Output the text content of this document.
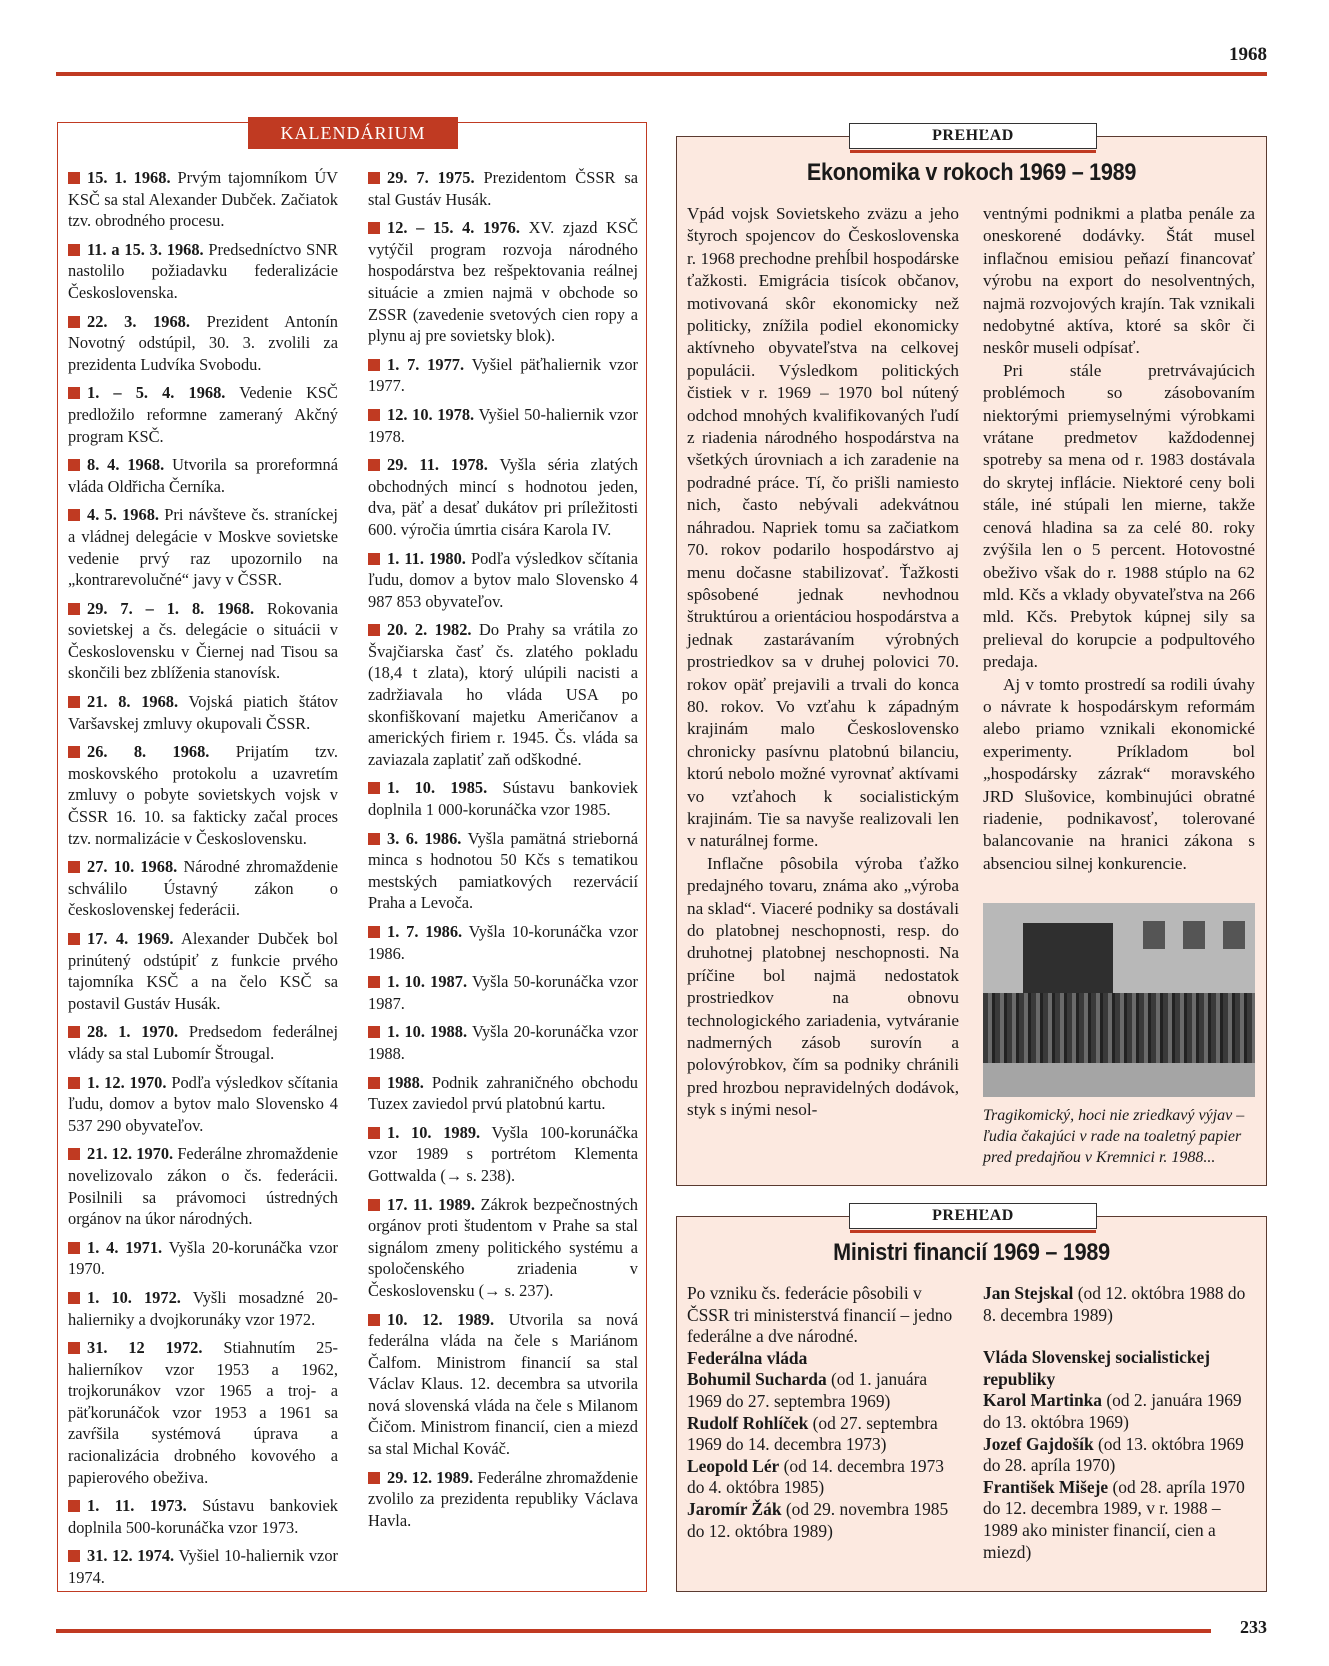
1968
KALENDÁRIUM
15. 1. 1968. Prvým tajomníkom ÚV KSČ sa stal Alexander Dubček. Začiatok tzv. obrodného procesu.
11. a 15. 3. 1968. Predsedníctvo SNR nastolilo požiadavku federalizácie Československa.
22. 3. 1968. Prezident Antonín Novotný odstúpil, 30. 3. zvolili za prezidenta Ludvíka Svobodu.
1. – 5. 4. 1968. Vedenie KSČ predložilo reformne zameraný Akčný program KSČ.
8. 4. 1968. Utvorila sa proreformná vláda Oldřicha Černíka.
4. 5. 1968. Pri návšteve čs. straníckej a vládnej delegácie v Moskve sovietske vedenie prvý raz upozornilo na „kontrarevolučné“ javy v ČSSR.
29. 7. – 1. 8. 1968. Rokovania sovietskej a čs. delegácie o situácii v Československu v Čiernej nad Tisou sa skončili bez zblíženia stanovísk.
21. 8. 1968. Vojská piatich štátov Varšavskej zmluvy okupovali ČSSR.
26. 8. 1968. Prijatím tzv. moskovského protokolu a uzavretím zmluvy o pobyte sovietskych vojsk v ČSSR 16. 10. sa fakticky začal proces tzv. normalizácie v Československu.
27. 10. 1968. Národné zhromaždenie schválilo Ústavný zákon o československej federácii.
17. 4. 1969. Alexander Dubček bol prinútený odstúpiť z funkcie prvého tajomníka KSČ a na čelo KSČ sa postavil Gustáv Husák.
28. 1. 1970. Predsedom federálnej vlády sa stal Lubomír Štrougal.
1. 12. 1970. Podľa výsledkov sčítania ľudu, domov a bytov malo Slovensko 4 537 290 obyvateľov.
21. 12. 1970. Federálne zhromaždenie novelizovalo zákon o čs. federácii. Posilnili sa právomoci ústredných orgánov na úkor národných.
1. 4. 1971. Vyšla 20-korunáčka vzor 1970.
1. 10. 1972. Vyšli mosadzné 20-halierniky a dvojkorunáky vzor 1972.
31. 12 1972. Stiahnutím 25-halierníkov vzor 1953 a 1962, trojkorunákov vzor 1965 a troj- a päťkorunáčok vzor 1953 a 1961 sa zavŕšila systémová úprava a racionalizácia drobného kovového a papierového obeživa.
1. 11. 1973. Sústavu bankoviek doplnila 500-korunáčka vzor 1973.
31. 12. 1974. Vyšiel 10-haliernik vzor 1974.
29. 7. 1975. Prezidentom ČSSR sa stal Gustáv Husák.
12. – 15. 4. 1976. XV. zjazd KSČ vytýčil program rozvoja národného hospodárstva bez rešpektovania reálnej situácie a zmien najmä v obchode so ZSSR (zavedenie svetových cien ropy a plynu aj pre sovietsky blok).
1. 7. 1977. Vyšiel päťhaliernik vzor 1977.
12. 10. 1978. Vyšiel 50-haliernik vzor 1978.
29. 11. 1978. Vyšla séria zlatých obchodných mincí s hodnotou jeden, dva, päť a desať dukátov pri príležitosti 600. výročia úmrtia cisára Karola IV.
1. 11. 1980. Podľa výsledkov sčítania ľudu, domov a bytov malo Slovensko 4 987 853 obyvateľov.
20. 2. 1982. Do Prahy sa vrátila zo Švajčiarska časť čs. zlatého pokladu (18,4 t zlata), ktorý ulúpili nacisti a zadržiavala ho vláda USA po skonfiškovaní majetku Američanov a amerických firiem r. 1945. Čs. vláda sa zaviazala zaplatiť zaň odškodné.
1. 10. 1985. Sústavu bankoviek doplnila 1 000-korunáčka vzor 1985.
3. 6. 1986. Vyšla pamätná strieborná minca s hodnotou 50 Kčs s tematikou mestských pamiatkových rezervácií Praha a Levoča.
1. 7. 1986. Vyšla 10-korunáčka vzor 1986.
1. 10. 1987. Vyšla 50-korunáčka vzor 1987.
1. 10. 1988. Vyšla 20-korunáčka vzor 1988.
1988. Podnik zahraničného obchodu Tuzex zaviedol prvú platobnú kartu.
1. 10. 1989. Vyšla 100-korunáčka vzor 1989 s portrétom Klementa Gottwalda (→ s. 238).
17. 11. 1989. Zákrok bezpečnostných orgánov proti študentom v Prahe sa stal signálom zmeny politického systému a spoločenského zriadenia v Československu (→ s. 237).
10. 12. 1989. Utvorila sa nová federálna vláda na čele s Mariánom Čalfom. Ministrom financií sa stal Václav Klaus. 12. decembra sa utvorila nová slovenská vláda na čele s Milanom Čičom. Ministrom financií, cien a miezd sa stal Michal Kováč.
29. 12. 1989. Federálne zhromaždenie zvolilo za prezidenta republiky Václava Havla.
PREHĽAD
Ekonomika v rokoch 1969 – 1989

Vpád vojsk Sovietskeho zväzu a jeho štyroch spojencov do Československa r. 1968 prechodne prehĺbil hospodárske ťažkosti. Emigrácia tisícok občanov, motivovaná skôr ekonomicky než politicky, znížila podiel ekonomicky aktívneho obyvateľstva na celkovej populácii. Výsledkom politických čistiek v r. 1969 – 1970 bol nútený odchod mnohých kvalifikovaných ľudí z riadenia národného hospodárstva na všetkých úrovniach a ich zaradenie na podradné práce. Tí, čo prišli namiesto nich, často nebývali adekvátnou náhradou. Napriek tomu sa začiatkom 70. rokov podarilo hospodárstvo aj menu dočasne stabilizovať. Ťažkosti spôsobené jednak nevhodnou štruktúrou a orientáciou hospodárstva a jednak zastarávaním výrobných prostriedkov sa v druhej polovici 70. rokov opäť prejavili a trvali do konca 80. rokov. Vo vzťahu k západným krajinám malo Československo chronicky pasívnu platobnú bilanciu, ktorú nebolo možné vyrovnať aktívami vo vzťahoch k socialistickým krajinám. Tie sa navyše realizovali len v naturálnej forme.

Inflačne pôsobila výroba ťažko predajného tovaru, známa ako „výroba na sklad“. Viaceré podniky sa dostávali do platobnej neschopnosti, resp. do druhotnej platobnej neschopnosti. Na príčine bol najmä nedostatok prostriedkov na obnovu technologického zariadenia, vytváranie nadmerných zásob surovín a polovýrobkov, čím sa podniky chránili pred hrozbou nepravidelných dodávok, styk s inými nesol-

ventnými podnikmi a platba penále za oneskorené dodávky. Štát musel inflačnou emisiou peňazí financovať výrobu na export do nesolventných, najmä rozvojových krajín. Tak vznikali nedobytné aktíva, ktoré sa skôr či neskôr museli odpísať.

Pri stále pretrvávajúcich problémoch so zásobovaním niektorými priemyselnými výrobkami vrátane predmetov každodennej spotreby sa mena od r. 1983 dostávala do skrytej inflácie. Niektoré ceny boli stále, iné stúpali len mierne, takže cenová hladina sa za celé 80. roky zvýšila len o 5 percent. Hotovostné obeživo však do r. 1988 stúplo na 62 mld. Kčs a vklady obyvateľstva na 266 mld. Kčs. Prebytok kúpnej sily sa prelieval do korupcie a podpultového predaja.

Aj v tomto prostredí sa rodili úvahy o návrate k hospodárskym reformám alebo priamo vznikali ekonomické experimenty. Príkladom bol „hospodársky zázrak“ moravského JRD Slušovice, kombinujúci obratné riadenie, podnikavosť, tolerované balancovanie na hranici zákona s absenciou silnej konkurencie.

Tragikomický, hoci nie zriedkavý výjav – ľudia čakajúci v rade na toaletný papier pred predajňou v Kremnici r. 1988...
PREHĽAD
Ministri financií 1969 – 1989
Po vzniku čs. federácie pôsobili v ČSSR tri ministerstvá financií – jedno federálne a dve národné.
Federálna vláda
Bohumil Sucharda (od 1. januára 1969 do 27. septembra 1969)
Rudolf Rohlíček (od 27. septembra 1969 do 14. decembra 1973)
Leopold Lér (od 14. decembra 1973 do 4. októbra 1985)
Jaromír Žák (od 29. novembra 1985 do 12. októbra 1989)
Jan Stejskal (od 12. októbra 1988 do 8. decembra 1989)
Vláda Slovenskej socialistickej republiky
Karol Martinka (od 2. januára 1969 do 13. októbra 1969)
Jozef Gajdošík (od 13. októbra 1969 do 28. apríla 1970)
František Mišeje (od 28. apríla 1970 do 12. decembra 1989, v r. 1988 – 1989 ako minister financií, cien a miezd)
233
